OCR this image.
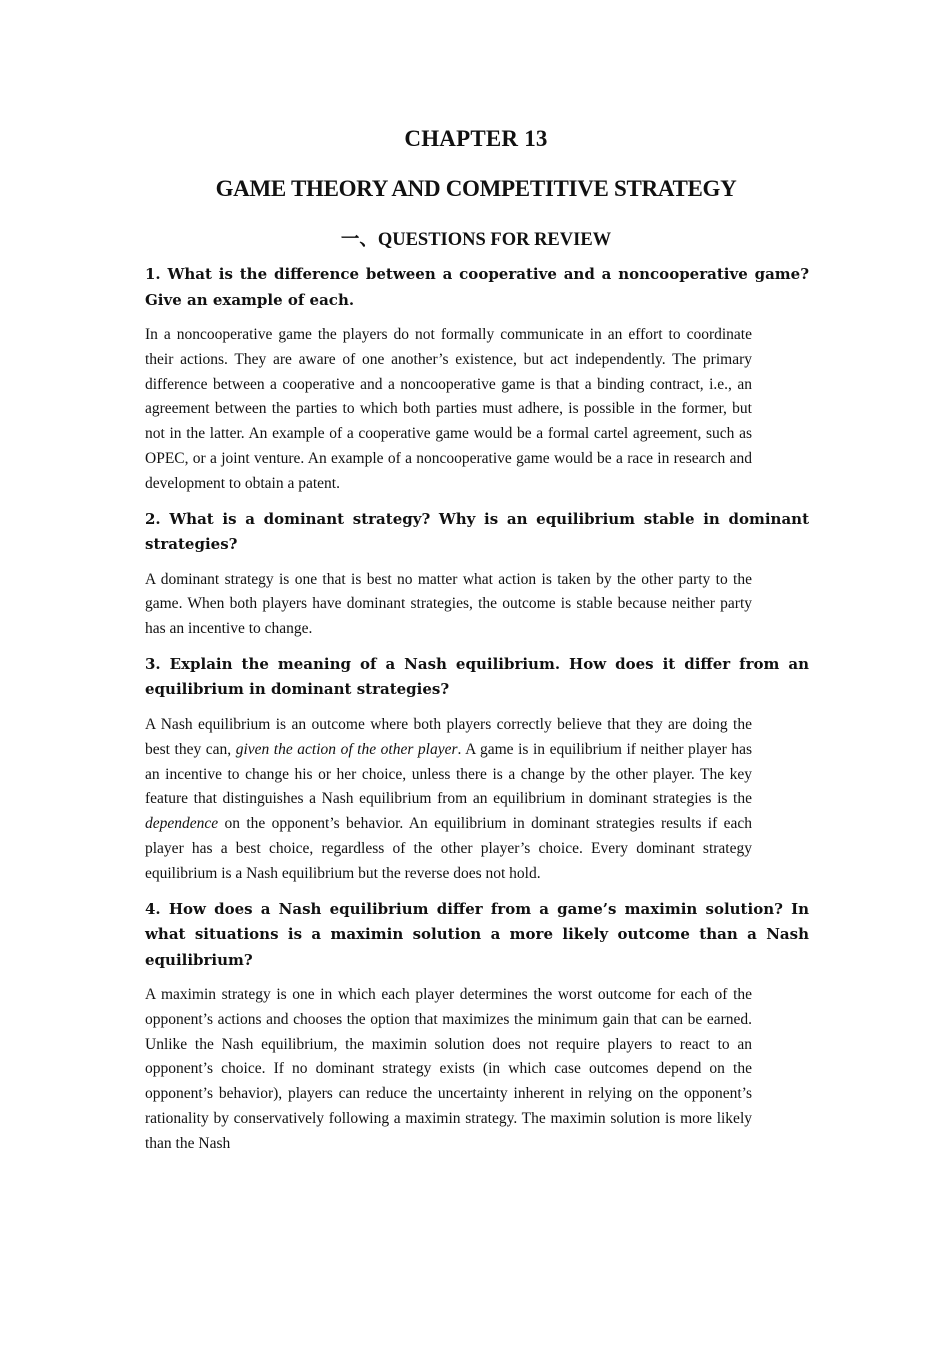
CHAPTER 13
GAME THEORY AND COMPETITIVE STRATEGY
一、QUESTIONS FOR REVIEW

1. What is the difference between a cooperative and a noncooperative game? Give an example of each.

In a noncooperative game the players do not formally communicate in an effort to coordinate their actions. They are aware of one another’s existence, but act independently. The primary difference between a cooperative and a noncooperative game is that a binding contract, i.e., an agreement between the parties to which both parties must adhere, is possible in the former, but not in the latter. An example of a cooperative game would be a formal cartel agreement, such as OPEC, or a joint venture. An example of a noncooperative game would be a race in research and development to obtain a patent.

2. What is a dominant strategy? Why is an equilibrium stable in dominant strategies?

A dominant strategy is one that is best no matter what action is taken by the other party to the game. When both players have dominant strategies, the outcome is stable because neither party has an incentive to change.

3. Explain the meaning of a Nash equilibrium. How does it differ from an equilibrium in dominant strategies?

A Nash equilibrium is an outcome where both players correctly believe that they are doing the best they can, given the action of the other player. A game is in equilibrium if neither player has an incentive to change his or her choice, unless there is a change by the other player. The key feature that distinguishes a Nash equilibrium from an equilibrium in dominant strategies is the dependence on the opponent’s behavior. An equilibrium in dominant strategies results if each player has a best choice, regardless of the other player’s choice. Every dominant strategy equilibrium is a Nash equilibrium but the reverse does not hold.

4. How does a Nash equilibrium differ from a game’s maximin solution? In what situations is a maximin solution a more likely outcome than a Nash equilibrium?

A maximin strategy is one in which each player determines the worst outcome for each of the opponent’s actions and chooses the option that maximizes the minimum gain that can be earned. Unlike the Nash equilibrium, the maximin solution does not require players to react to an opponent’s choice. If no dominant strategy exists (in which case outcomes depend on the opponent’s behavior), players can reduce the uncertainty inherent in relying on the opponent’s rationality by conservatively following a maximin strategy. The maximin solution is more likely than the Nash
